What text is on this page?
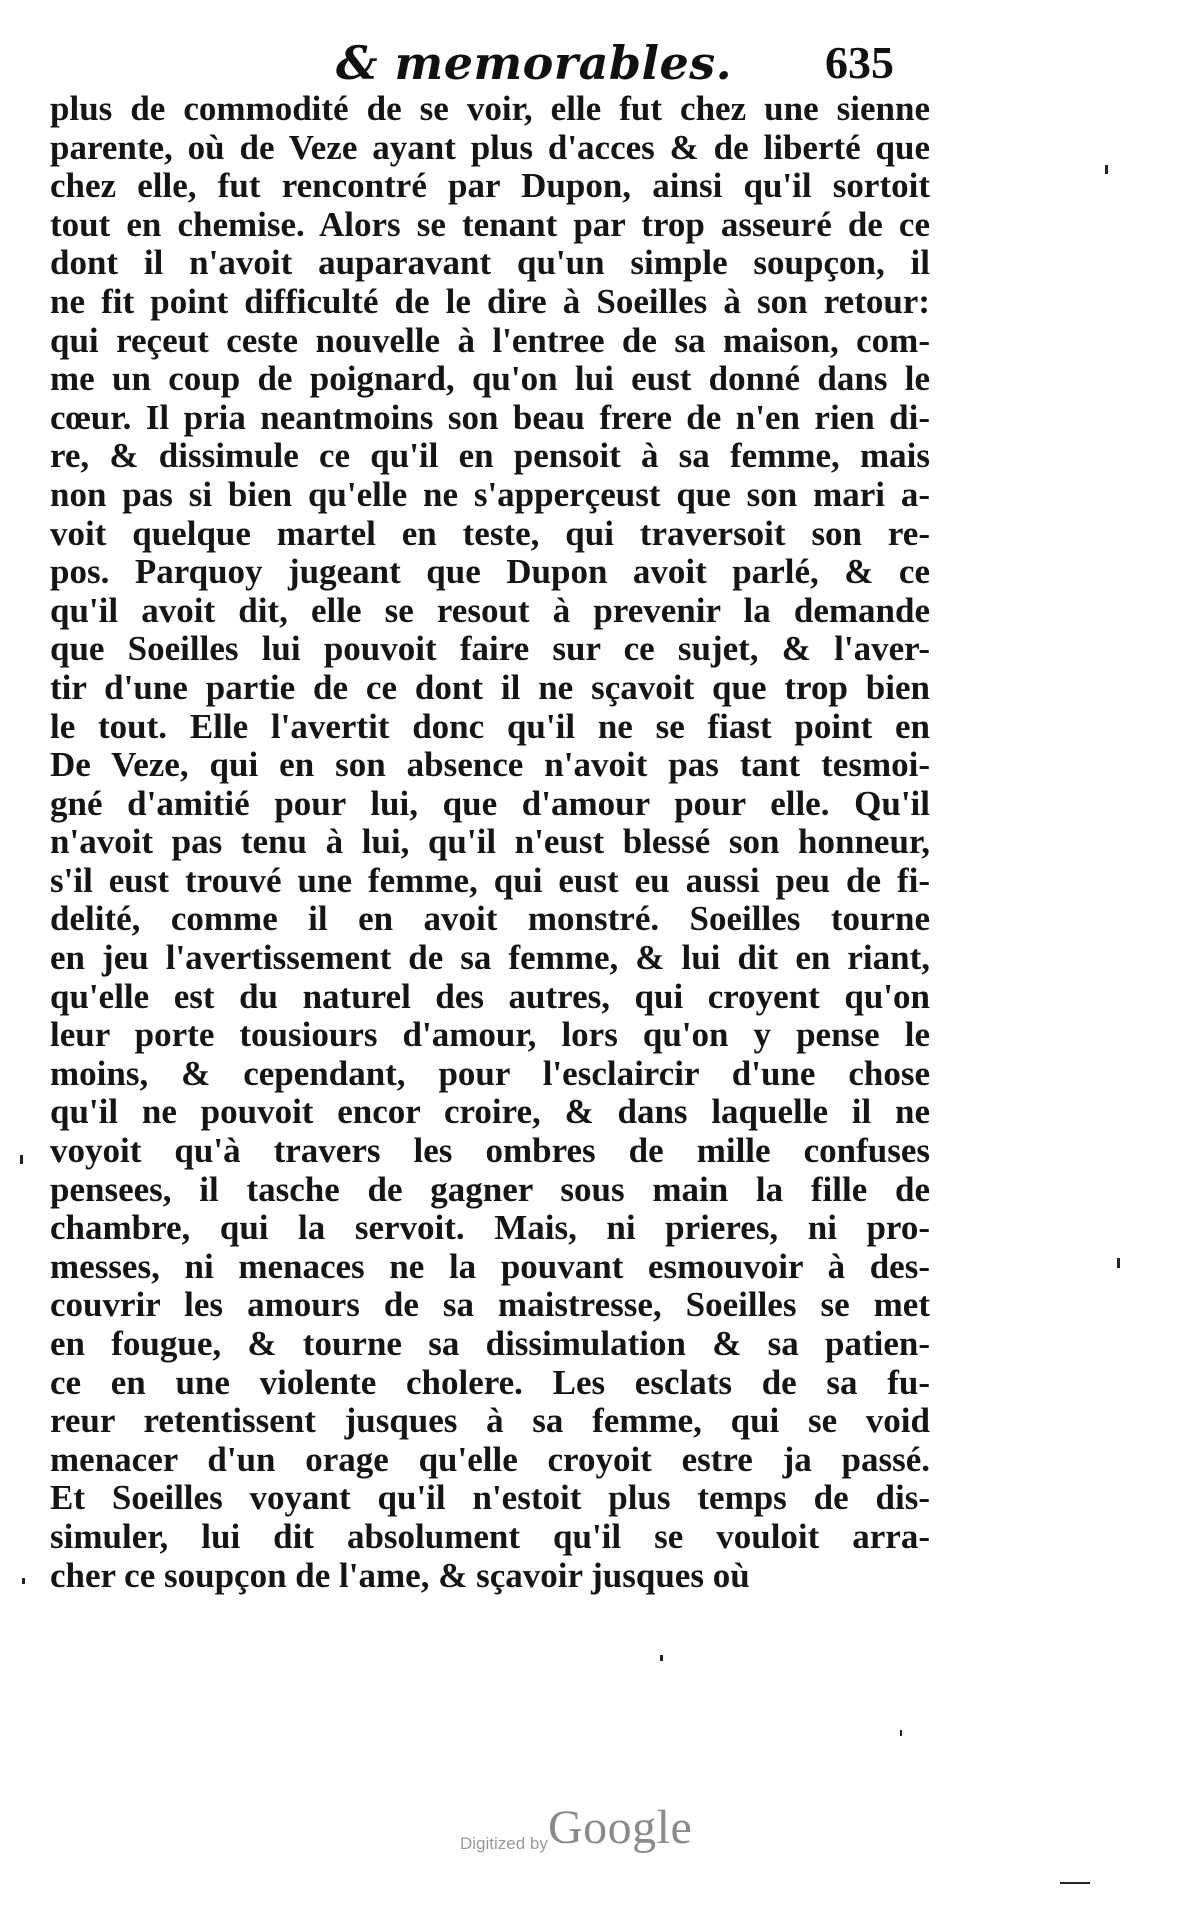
& memorables. 635
plus de commodité de se voir, elle fut chez une sienne
parente, où de Veze ayant plus d'acces & de liberté que
chez elle, fut rencontré par Dupon, ainsi qu'il sortoit
tout en chemise. Alors se tenant par trop asseuré de ce
dont il n'avoit auparavant qu'un simple soupçon, il
ne fit point difficulté de le dire à Soeilles à son retour:
qui reçeut ceste nouvelle à l'entree de sa maison, com-
me un coup de poignard, qu'on lui eust donné dans le
cœur. Il pria neantmoins son beau frere de n'en rien di-
re, & dissimule ce qu'il en pensoit à sa femme, mais
non pas si bien qu'elle ne s'apperçeust que son mari a-
voit quelque martel en teste, qui traversoit son re-
pos. Parquoy jugeant que Dupon avoit parlé, & ce
qu'il avoit dit, elle se resout à prevenir la demande
que Soeilles lui pouvoit faire sur ce sujet, & l'aver-
tir d'une partie de ce dont il ne sçavoit que trop bien
le tout. Elle l'avertit donc qu'il ne se fiast point en
De Veze, qui en son absence n'avoit pas tant tesmoi-
gné d'amitié pour lui, que d'amour pour elle. Qu'il
n'avoit pas tenu à lui, qu'il n'eust blessé son honneur,
s'il eust trouvé une femme, qui eust eu aussi peu de fi-
delité, comme il en avoit monstré. Soeilles tourne
en jeu l'avertissement de sa femme, & lui dit en riant,
qu'elle est du naturel des autres, qui croyent qu'on
leur porte tousiours d'amour, lors qu'on y pense le
moins, & cependant, pour l'esclaircir d'une chose
qu'il ne pouvoit encor croire, & dans laquelle il ne
voyoit qu'à travers les ombres de mille confuses
pensees, il tasche de gagner sous main la fille de
chambre, qui la servoit. Mais, ni prieres, ni pro-
messes, ni menaces ne la pouvant esmouvoir à des-
couvrir les amours de sa maistresse, Soeilles se met
en fougue, & tourne sa dissimulation & sa patien-
ce en une violente cholere. Les esclats de sa fu-
reur retentissent jusques à sa femme, qui se void
menacer d'un orage qu'elle croyoit estre ja passé.
Et Soeilles voyant qu'il n'estoit plus temps de dis-
simuler, lui dit absolument qu'il se vouloit arra-
cher ce soupçon de l'ame, & sçavoir jusques où
Digitized by Google
